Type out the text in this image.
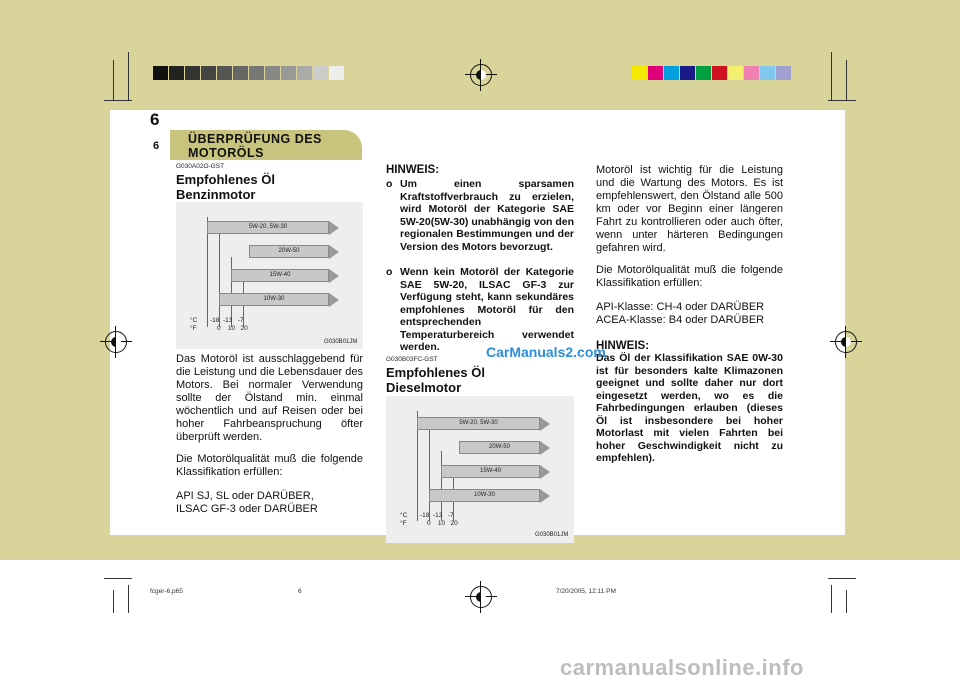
6 SELBSTHILFE
ÜBERPRÜFUNG DES MOTORÖLS
6
G030A02O-GST
Empfohlenes Öl Benzinmotor
5W-20, 5W-30
20W-50
15W-40
10W-30
°C -18  -13   -7
°F	0    10   20
G030B01JM
Das Motoröl ist ausschlaggebend für die Leistung und die Lebensdauer des Motors. Bei normaler Verwendung sollte der Ölstand min. einmal wöchentlich und auf Reisen oder bei hoher Fahrbeanspruchung öfter überprüft werden.
Die Motorölqualität muß die folgende Klassifikation erfüllen:
API SJ, SL oder DARÜBER,
ILSAC GF-3 oder DARÜBER
HINWEIS:
o Um einen sparsamen Kraftstoffverbrauch zu erzielen, wird Motoröl der Kategorie SAE 5W-20(5W-30) unabhängig von den regionalen Bestimmungen und der Version des Motors bevorzugt.
o Wenn kein Motoröl der Kategorie SAE 5W-20, ILSAC GF-3 zur Verfügung steht, kann sekundäres empfohlenes Motoröl für den entsprechenden Temperaturbereich verwendet werden.
G030B03FC-GST
Empfohlenes Öl Dieselmotor
5W-20, 5W-30
20W-50
15W-40
10W-30
°C -18  -13   -7
°F	0    10   20
G030B01JM
Motoröl ist wichtig für die Leistung und die Wartung des Motors. Es ist empfehlenswert, den Ölstand alle 500 km oder vor Beginn einer längeren Fahrt zu kontrollieren oder auch öfter, wenn unter härteren Bedingungen gefahren wird.
Die Motorölqualität muß die folgende Klassifikation erfüllen:
API-Klasse: CH-4 oder DARÜBER
ACEA-Klasse: B4 oder DARÜBER
HINWEIS:
Das Öl der Klassifikation SAE 0W-30 ist für besonders kalte Klimazonen geeignet und sollte daher nur dort eingesetzt werden, wo es die Fahrbedingungen erlauben (dieses Öl ist insbesondere bei hoher Motorlast mit vielen Fahrten bei hoher Geschwindigkeit nicht zu empfehlen).
CarManuals2.com
fcger-6.p65	6	7/20/2005, 12:11 PM
carmanualsonline.info
